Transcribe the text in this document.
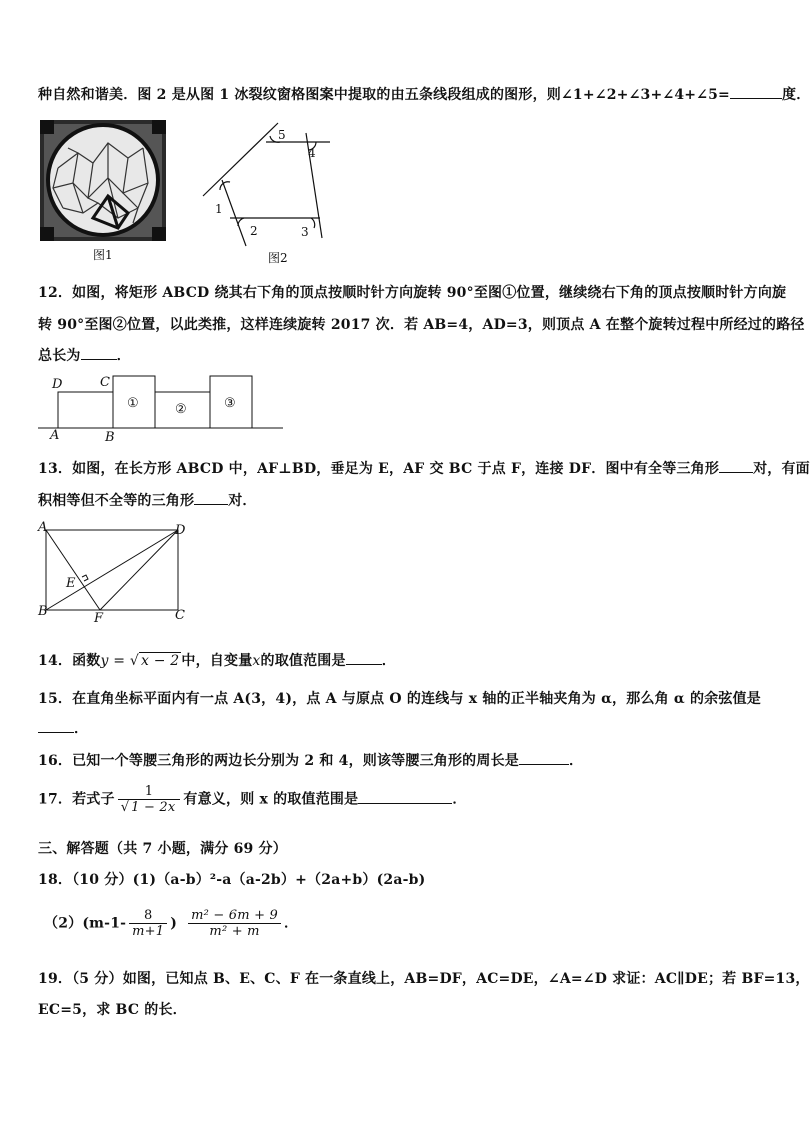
种自然和谐美．图 2 是从图 1 冰裂纹窗格图案中提取的由五条线段组成的图形，则∠1+∠2+∠3+∠4+∠5=	度．
图1
1
2	3
4
5
图2
12．如图，将矩形 ABCD 绕其右下角的顶点按顺时针方向旋转 90°至图①位置，继续绕右下角的顶点按顺时针方向旋
转 90°至图②位置，以此类推，这样连续旋转 2017 次．若 AB=4，AD=3，则顶点 A 在整个旋转过程中所经过的路径
总长为	．
D	C
A	B
①	②	③
13．如图，在长方形 ABCD 中，AF⊥BD，垂足为 E，AF 交 BC 于点 F，连接 DF．图中有全等三角形 对，有面
积相等但不全等的三角形 对．
A	D
E
B	F	C
14．函数y = √ x − 2 中，自变量x的取值范围是	．
15．在直角坐标平面内有一点 A(3，4)，点 A 与原点 O 的连线与 x 轴的正半轴夹角为 α，那么角 α 的余弦值是
．
16．已知一个等腰三角形的两边长分别为 2 和 4，则该等腰三角形的周长是	．
17．若式子 $\frac{1}{√ 1 - 2x}$ 有意义，则 x 的取值范围是	．
三、解答题（共 7 小题，满分 69 分）
18．（10 分）(1)（a-b）²-a（a-2b）+（2a+b）(2a-b)
$(2)(m-1- \frac{8}{m+1}$ ) $\frac{\text{m² − 6m + 9}}{\text{m² + m}}$ ．
19．（5 分）如图，已知点 B、E、C、F 在一条直线上，AB=DF，AC=DE，∠A=∠D 求证：AC∥DE；若 BF=13，
EC=5，求 BC 的长．
